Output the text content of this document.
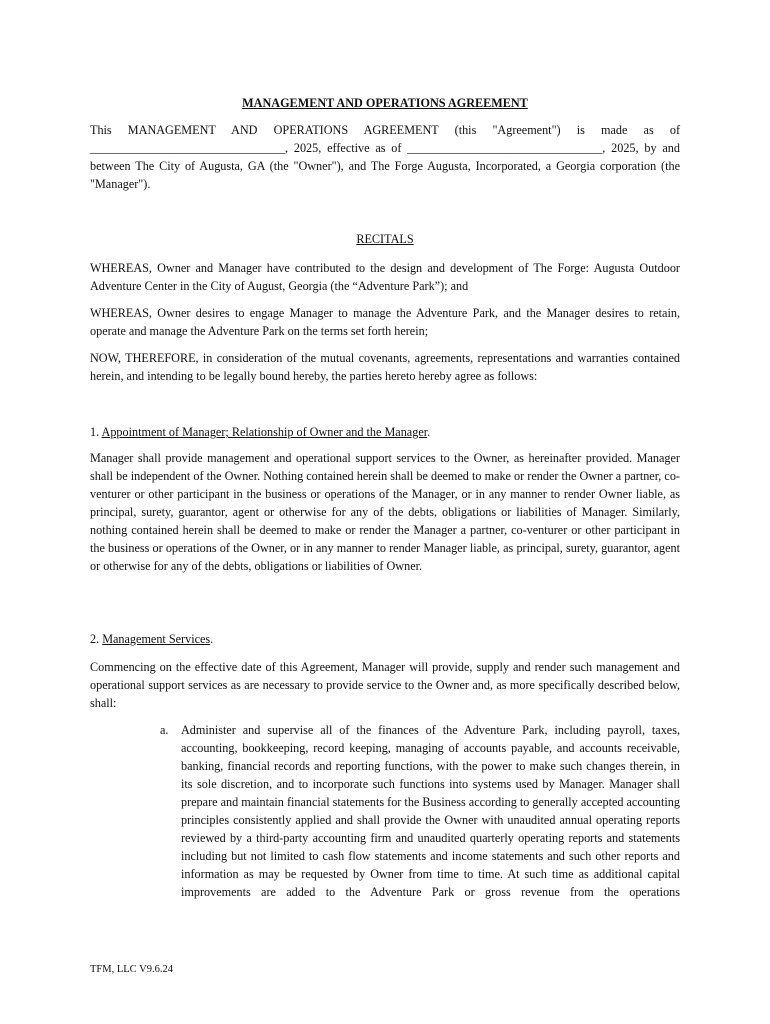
MANAGEMENT AND OPERATIONS AGREEMENT

This MANAGEMENT AND OPERATIONS AGREEMENT (this "Agreement") is made as of ________________________________, 2025, effective as of ________________________________, 2025, by and between The City of Augusta, GA (the "Owner"), and The Forge Augusta, Incorporated, a Georgia corporation (the "Manager").

RECITALS

WHEREAS, Owner and Manager have contributed to the design and development of The Forge: Augusta Outdoor Adventure Center in the City of August, Georgia (the “Adventure Park”); and

WHEREAS, Owner desires to engage Manager to manage the Adventure Park, and the Manager desires to retain, operate and manage the Adventure Park on the terms set forth herein;

NOW, THEREFORE, in consideration of the mutual covenants, agreements, representations and warranties contained herein, and intending to be legally bound hereby, the parties hereto hereby agree as follows:

1. Appointment of Manager; Relationship of Owner and the Manager.

Manager shall provide management and operational support services to the Owner, as hereinafter provided. Manager shall be independent of the Owner. Nothing contained herein shall be deemed to make or render the Owner a partner, co-venturer or other participant in the business or operations of the Manager, or in any manner to render Owner liable, as principal, surety, guarantor, agent or otherwise for any of the debts, obligations or liabilities of Manager. Similarly, nothing contained herein shall be deemed to make or render the Manager a partner, co-venturer or other participant in the business or operations of the Owner, or in any manner to render Manager liable, as principal, surety, guarantor, agent or otherwise for any of the debts, obligations or liabilities of Owner.

2. Management Services.

Commencing on the effective date of this Agreement, Manager will provide, supply and render such management and operational support services as are necessary to provide service to the Owner and, as more specifically described below, shall:

a.	Administer and supervise all of the finances of the Adventure Park, including payroll, taxes, accounting, bookkeeping, record keeping, managing of accounts payable, and accounts receivable, banking, financial records and reporting functions, with the power to make such changes therein, in its sole discretion, and to incorporate such functions into systems used by Manager. Manager shall prepare and maintain financial statements for the Business according to generally accepted accounting principles consistently applied and shall provide the Owner with unaudited annual operating reports reviewed by a third-party accounting firm and unaudited quarterly operating reports and statements including but not limited to cash flow statements and income statements and such other reports and information as may be requested by Owner from time to time. At such time as additional capital improvements are added to the Adventure Park or gross revenue from the operations

TFM, LLC V9.6.24
